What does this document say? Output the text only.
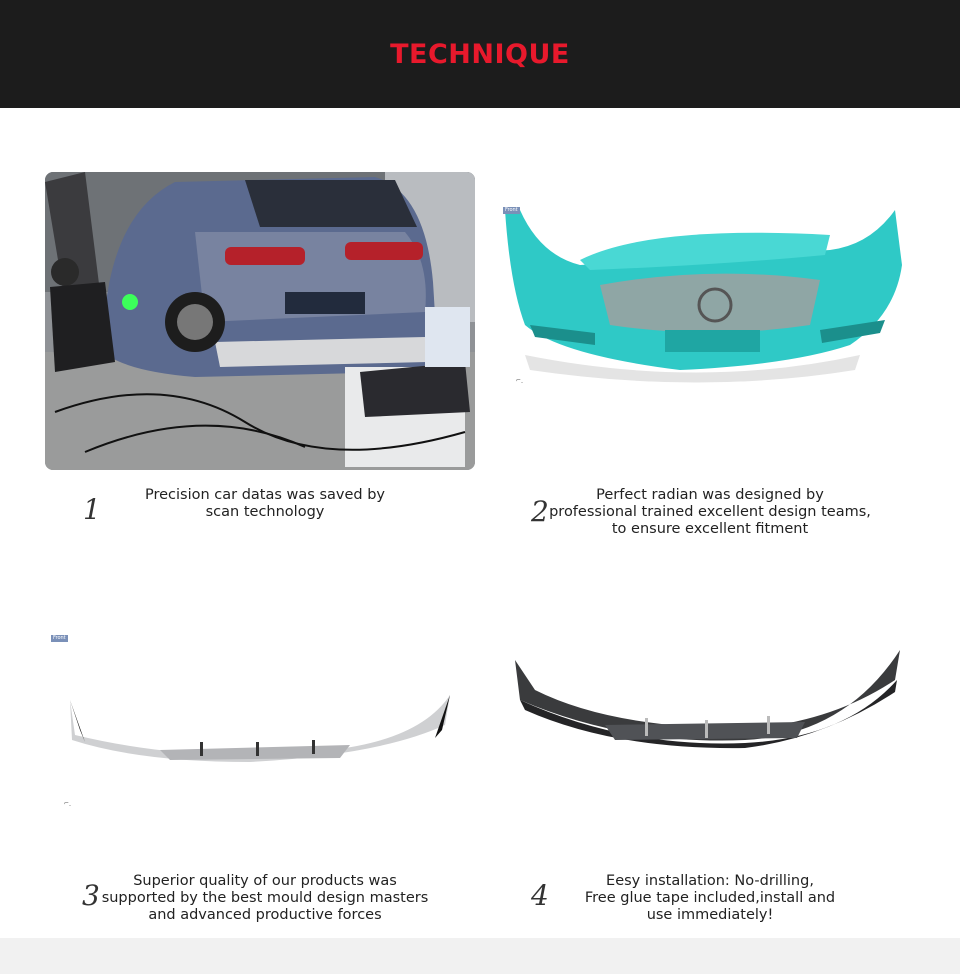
TECHNIQUE
Front
⌐˯
Front
⌐˯
1	Precision car datas was saved by
scan technology	2	Perfect radian was designed by
professional trained excellent design teams,
to ensure excellent fitment
3	Superior quality of our products was
supported by the best mould design masters
and advanced productive forces
4	Eesy installation: No-drilling,
Free glue tape included,install and
use immediately!
